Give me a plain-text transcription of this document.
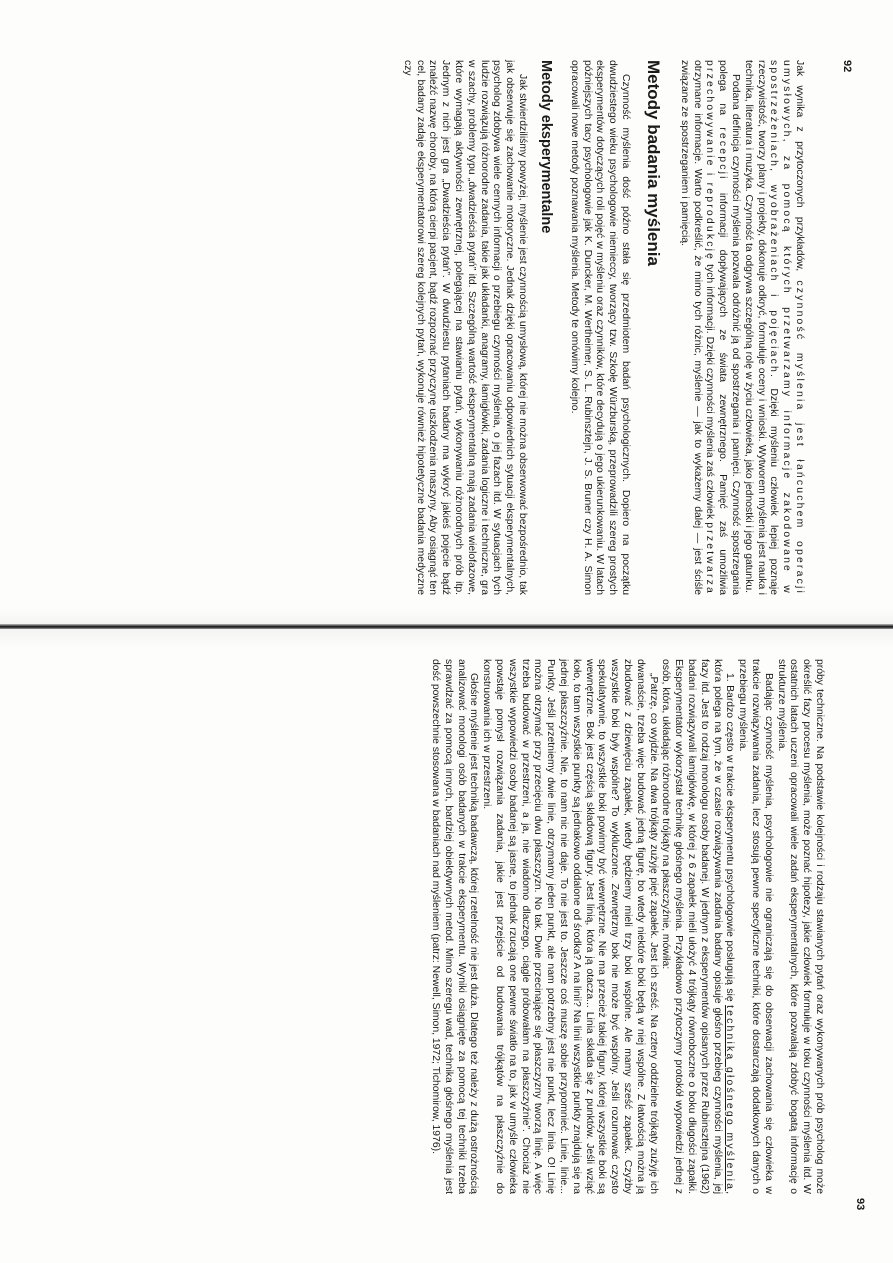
92

Jak wynika z przytoczonych przykładów, czynność myślenia jest łańcuchem operacji umysłowych, za pomocą których przetwarzamy informacje zakodowane w spostrzeżeniach, wyobrażeniach i pojęciach. Dzięki myśleniu człowiek lepiej poznaje rzeczywistość, tworzy plany i projekty, dokonuje odkryć, formułuje oceny i wnioski. Wytworem myślenia jest nauka i technika, literatura i muzyka. Czynność ta odgrywa szczególną rolę w życiu człowieka, jako jednostki i jego gatunku.

Podana definicja czynności myślenia pozwala odróżnić ją od spostrzegania i pamięci. Czynność spostrzegania polega na recepcji informacji dopływających ze świata zewnętrznego. Pamięć zaś umożliwia przechowywanie i reprodukcję tych informacji. Dzięki czynności myślenia zaś człowiek przetwarza otrzymane informacje. Warto podkreślić, że mimo tych różnic, myślenie — jak to wykażemy dalej — jest ściśle związane ze spostrzeganiem i pamięcią.

Metody badania myślenia

Czynność myślenia dość późno stała się przedmiotem badań psychologicznych. Dopiero na początku dwudziestego wieku psychologowie niemieccy, tworzący tzw. Szkołę Würzburską, przeprowadzili szereg prostych eksperymentów dotyczących roli pojęć w myśleniu oraz czynników, które decydują o jego ukierunkowaniu. W latach późniejszych tacy psychologowie jak K. Duncker, M. Wertheimer, S. L. Rubinsztejn, J. S. Bruner czy H. A. Simon opracowali nowe metody poznawania myślenia. Metody te omówimy kolejno.

Metody eksperymentalne

Jak stwierdziliśmy powyżej, myślenie jest czynnością umysłową, której nie można obserwować bezpośrednio, tak jak obserwuje się zachowanie motoryczne. Jednak dzięki opracowaniu odpowiednich sytuacji eksperymentalnych, psycholog zdobywa wiele cennych informacji o przebiegu czynności myślenia, o jej fazach itd. W sytuacjach tych ludzie rozwiązują różnorodne zadania, takie jak układanki, anagramy, łamigłówki, zadania logiczne i techniczne, gra w szachy, problemy typu „dwadzieścia pytań” itd. Szczególną wartość eksperymentalną mają zadania wielofazowe, które wymagają aktywności zewnętrznej, polegającej na stawianiu pytań, wykonywaniu różnorodnych prób itp. Jednym z nich jest gra „Dwadzieścia pytań”. W dwudziestu pytaniach badany ma wykryć jakieś pojęcie bądź znaleźć nazwę choroby, na którą cierpi pacjent, bądź rozpoznać przyczynę uszkodzenia maszyny. Aby osiągnąć ten cel, badany zadaje eksperymentatorowi szereg kolejnych pytań, wykonuje również hipotetyczne badania medyczne czy

93

próby techniczne. Na podstawie kolejności i rodzaju stawianych pytań oraz wykonywanych prób psycholog może określić fazy procesu myślenia, może poznać hipotezy, jakie człowiek formułuje w toku czynności myślenia itd. W ostatnich latach uczeni opracowali wiele zadań eksperymentalnych, które pozwalają zdobyć bogatą informację o strukturze myślenia.

Badając czynność myślenia, psychologowie nie ograniczają się do obserwacji zachowania się człowieka w trakcie rozwiązywania zadania, lecz stosują pewne specyficzne techniki, które dostarczają dodatkowych danych o przebiegu myślenia.

1. Bardzo często w trakcie eksperymentu psychologowie posługują się techniką głośnego myślenia, która polega na tym, że w czasie rozwiązywania zadania badany opisuje głośno przebieg czynności myślenia, jej fazy itd. Jest to rodzaj monologu osoby badanej. W jednym z eksperymentów opisanych przez Rubinsztejna (1962) badani rozwiązywali łamigłówkę, w której z 6 zapałek mieli ułożyć 4 trójkąty równoboczne o boku długości zapałki. Eksperymentator wykorzystał technikę głośnego myślenia. Przykładowo przytoczymy protokół wypowiedzi jednej z osób, która, układając różnorodne trójkąty na płaszczyźnie, mówiła:

„Patrzę, co wyjdzie. Na dwa trójkąty zużyję pięć zapałek. Jest ich sześć. Na cztery oddzielne trójkąty zużyję ich dwanaście, trzeba więc budować jedną figurę, bo wtedy niektóre boki będą w niej wspólne. Z łatwością można ją zbudować z dziewięciu zapałek, wtedy będziemy mieli trzy boki wspólne. Ale mamy sześć zapałek. Czyżby wszystkie boki były wspólne? To wykluczone. Zewnętrzny bok nie może być wspólny. Jeśli rozumować czysto spekulatywnie, to wszystkie boki powinny być wewnętrzne. Nie ma przecież takiej figury, której wszystkie boki są wewnętrzne. Bok jest częścią składową figury. Jest linią, która ją otacza... Linia składa się z punktów. Jeśli wziąć koło, to tam wszystkie punkty są jednakowo oddalone od środka? A na linii? Na linii wszystkie punkty znajdują się na jednej płaszczyźnie. Nie, to nam nic nie daje. To nie jest to. Jeszcze coś muszę sobie przypomnieć. Linie, linie... Punkty. Jeśli przetniemy dwie linie, otrzymamy jeden punkt, ale nam potrzebny jest nie punkt, lecz linia. O! Linię można otrzymać przy przecięciu dwu płaszczyzn. No tak. Dwie przecinające się płaszczyzny tworzą linię. A więc trzeba budować w przestrzeni, a ja, nie wiadomo dlaczego, ciągle próbowałam na płaszczyźnie”. Chociaż nie wszystkie wypowiedzi osoby badanej są jasne, to jednak rzucają one pewne światło na to, jak w umyśle człowieka powstaje pomysł rozwiązania zadania, jakie jest przejście od budowania trójkątów na płaszczyźnie do konstruowania ich w przestrzeni.

Głośne myślenie jest techniką badawczą, której rzetelność nie jest duża. Dlatego też należy z dużą ostrożnością analizować monologi osób badanych w trakcie eksperymentu. Wyniki osiągnięte za pomocą tej techniki trzeba sprawdzać za pomocą innych, bardziej obiektywnych metod. Mimo szeregu wad, technika głośnego myślenia jest dość powszechnie stosowana w badaniach nad myśleniem (patrz: Newell, Simon, 1972; Tichomirow, 1976).
